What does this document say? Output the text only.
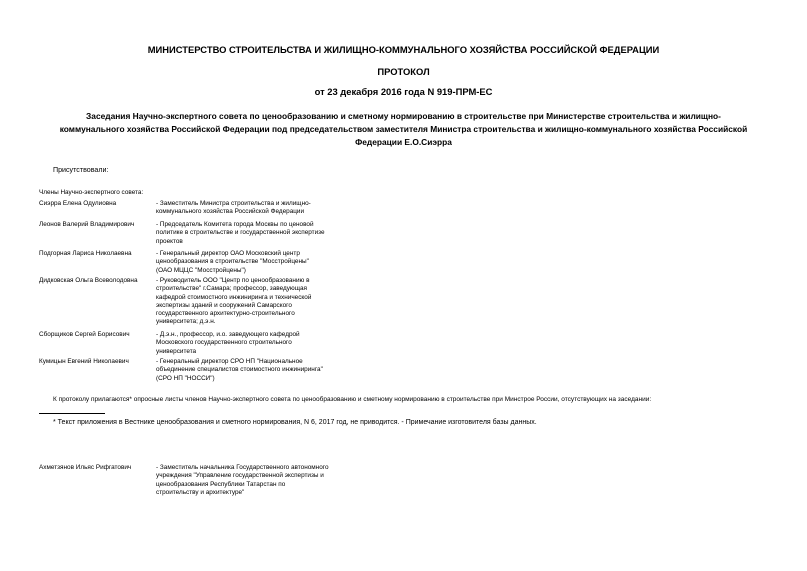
МИНИСТЕРСТВО СТРОИТЕЛЬСТВА И ЖИЛИЩНО-КОММУНАЛЬНОГО ХОЗЯЙСТВА РОССИЙСКОЙ ФЕДЕРАЦИИ
ПРОТОКОЛ
от 23 декабря 2016 года N 919-ПРМ-ЕС
Заседания Научно-экспертного совета по ценообразованию и сметному нормированию в строительстве при Министерстве строительства и жилищно-
коммунального хозяйства Российской Федерации под председательством заместителя Министра строительства и жилищно-коммунального хозяйства Российской
Федерации Е.О.Сиэрра
Присутствовали:
Члены Научно-экспертного совета:
Сиэрра Елена Одулиовна	- Заместитель Министра строительства и жилищно-
коммунального хозяйства Российской Федерации
Леонов Валерий Владимирович	- Председатель Комитета города Москвы по ценовой
политике в строительстве и государственной экспертизе
проектов
Подгорная Лариса Николаевна	- Генеральный директор ОАО Московский центр
ценообразования в строительстве "Мосстройцены"
(ОАО МЦЦС "Мосстройцены")
Дидковская Ольга Всеволодовна	- Руководитель ООО "Центр по ценообразованию в
строительстве" г.Самара; профессор, заведующая
кафедрой стоимостного инжиниринга и технической
экспертизы зданий и сооружений Самарского
государственного архитектурно-строительного
университета; д.э.н.
Сборщиков Сергей Борисович	- Д.э.н., профессор, и.о. заведующего кафедрой
Московского государственного строительного
университета
Кумицын Евгений Николаевич	- Генеральный директор СРО НП "Национальное
объединение специалистов стоимостного инжиниринга"
(СРО НП "НОССИ")
К протоколу прилагаются* опросные листы членов Научно-экспертного совета по ценообразованию и сметному нормированию в строительстве при Минстрое России, отсутствующих на заседании:
* Текст приложения в Вестнике ценообразования и сметного нормирования, N 6, 2017 год, не приводится. - Примечание изготовителя базы данных.
Ахметзянов Ильяс Рифгатович	- Заместитель начальника Государственного автономного
учреждения "Управление государственной экспертизы и
ценообразования Республики Татарстан по
строительству и архитектуре"
